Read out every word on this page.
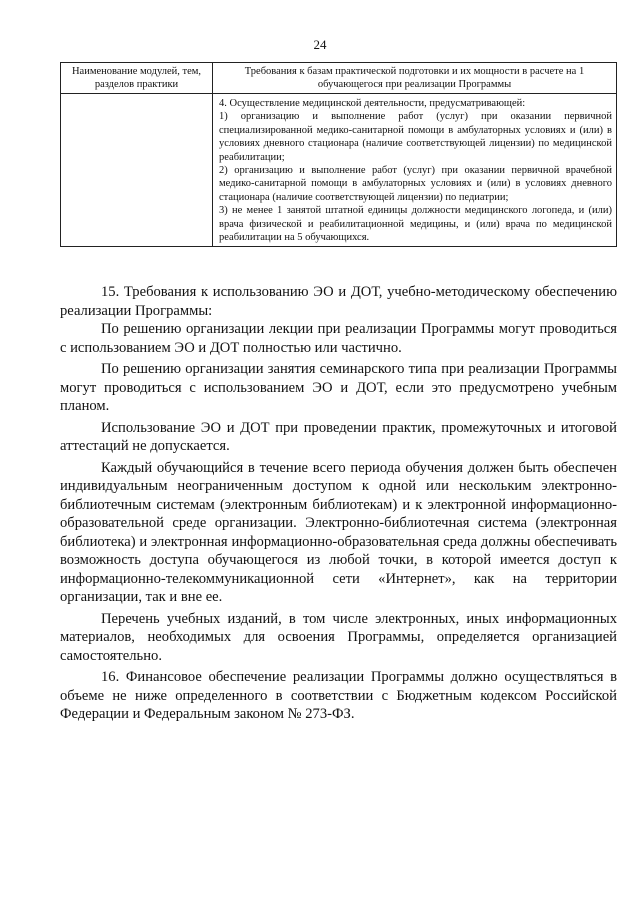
24
Наименование модулей, тем, разделов практики	Требования к базам практической подготовки и их мощности в расчете на 1 обучающегося при реализации Программы

	4. Осуществление медицинской деятельности, предусматривающей:

1) организацию и выполнение работ (услуг) при оказании первичной специализированной медико-санитарной помощи в амбулаторных условиях и (или) в условиях дневного стационара (наличие соответствующей лицензии) по медицинской реабилитации;

2) организацию и выполнение работ (услуг) при оказании первичной врачебной медико-санитарной помощи в амбулаторных условиях и (или) в условиях дневного стационара (наличие соответствующей лицензии) по педиатрии;

3) не менее 1 занятой штатной единицы должности медицинского логопеда, и (или) врача физической и реабилитационной медицины, и (или) врача по медицинской реабилитации на 5 обучающихся.

15. Требования к использованию ЭО и ДОТ, учебно-методическому обеспечению реализации Программы:

По решению организации лекции при реализации Программы могут проводиться с использованием ЭО и ДОТ полностью или частично.

По решению организации занятия семинарского типа при реализации Программы могут проводиться с использованием ЭО и ДОТ, если это предусмотрено учебным планом.

Использование ЭО и ДОТ при проведении практик, промежуточных и итоговой аттестаций не допускается.

Каждый обучающийся в течение всего периода обучения должен быть обеспечен индивидуальным неограниченным доступом к одной или нескольким электронно-библиотечным системам (электронным библиотекам) и к электронной информационно-образовательной среде организации. Электронно-библиотечная система (электронная библиотека) и электронная информационно-образовательная среда должны обеспечивать возможность доступа обучающегося из любой точки, в которой имеется доступ к информационно-телекоммуникационной сети «Интернет», как на территории организации, так и вне ее.

Перечень учебных изданий, в том числе электронных, иных информационных материалов, необходимых для освоения Программы, определяется организацией самостоятельно.

16. Финансовое обеспечение реализации Программы должно осуществляться в объеме не ниже определенного в соответствии с Бюджетным кодексом Российской Федерации и Федеральным законом № 273-ФЗ.
